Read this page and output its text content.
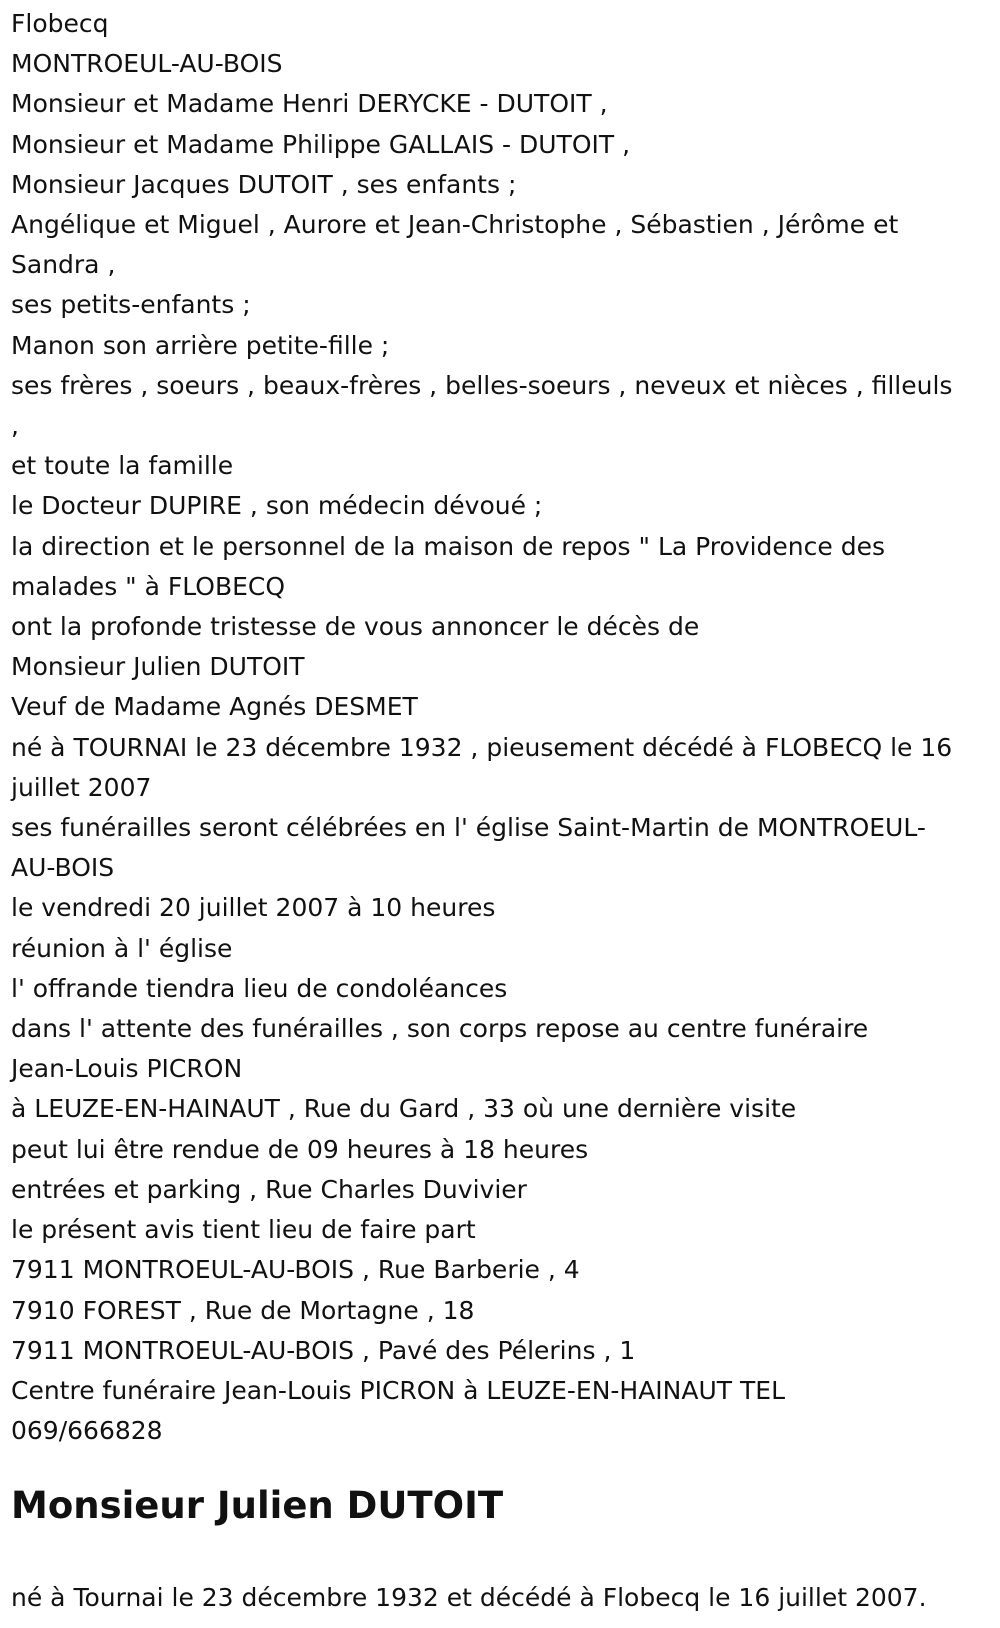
Flobecq
MONTROEUL-AU-BOIS
Monsieur et Madame Henri DERYCKE - DUTOIT ,
Monsieur et Madame Philippe GALLAIS - DUTOIT ,
Monsieur Jacques DUTOIT , ses enfants ;
Angélique et Miguel , Aurore et Jean-Christophe , Sébastien , Jérôme et
Sandra ,
ses petits-enfants ;
Manon son arrière petite-fille ;
ses frères , soeurs , beaux-frères , belles-soeurs , neveux et nièces , filleuls
,
et toute la famille
le Docteur DUPIRE , son médecin dévoué ;
la direction et le personnel de la maison de repos " La Providence des
malades " à FLOBECQ
ont la profonde tristesse de vous annoncer le décès de
Monsieur Julien DUTOIT
Veuf de Madame Agnés DESMET
né à TOURNAI le 23 décembre 1932 , pieusement décédé à FLOBECQ le 16
juillet 2007
ses funérailles seront célébrées en l' église Saint-Martin de MONTROEUL-
AU-BOIS
le vendredi 20 juillet 2007 à 10 heures
réunion à l' église
l' offrande tiendra lieu de condoléances
dans l' attente des funérailles , son corps repose au centre funéraire
Jean-Louis PICRON
à LEUZE-EN-HAINAUT , Rue du Gard , 33 où une dernière visite
peut lui être rendue de 09 heures à 18 heures
entrées et parking , Rue Charles Duvivier
le présent avis tient lieu de faire part
7911 MONTROEUL-AU-BOIS , Rue Barberie , 4
7910 FOREST , Rue de Mortagne , 18
7911 MONTROEUL-AU-BOIS , Pavé des Pélerins , 1
Centre funéraire Jean-Louis PICRON à LEUZE-EN-HAINAUT TEL
069/666828
Monsieur Julien DUTOIT

né à Tournai le 23 décembre 1932 et décédé à Flobecq le 16 juillet 2007.
